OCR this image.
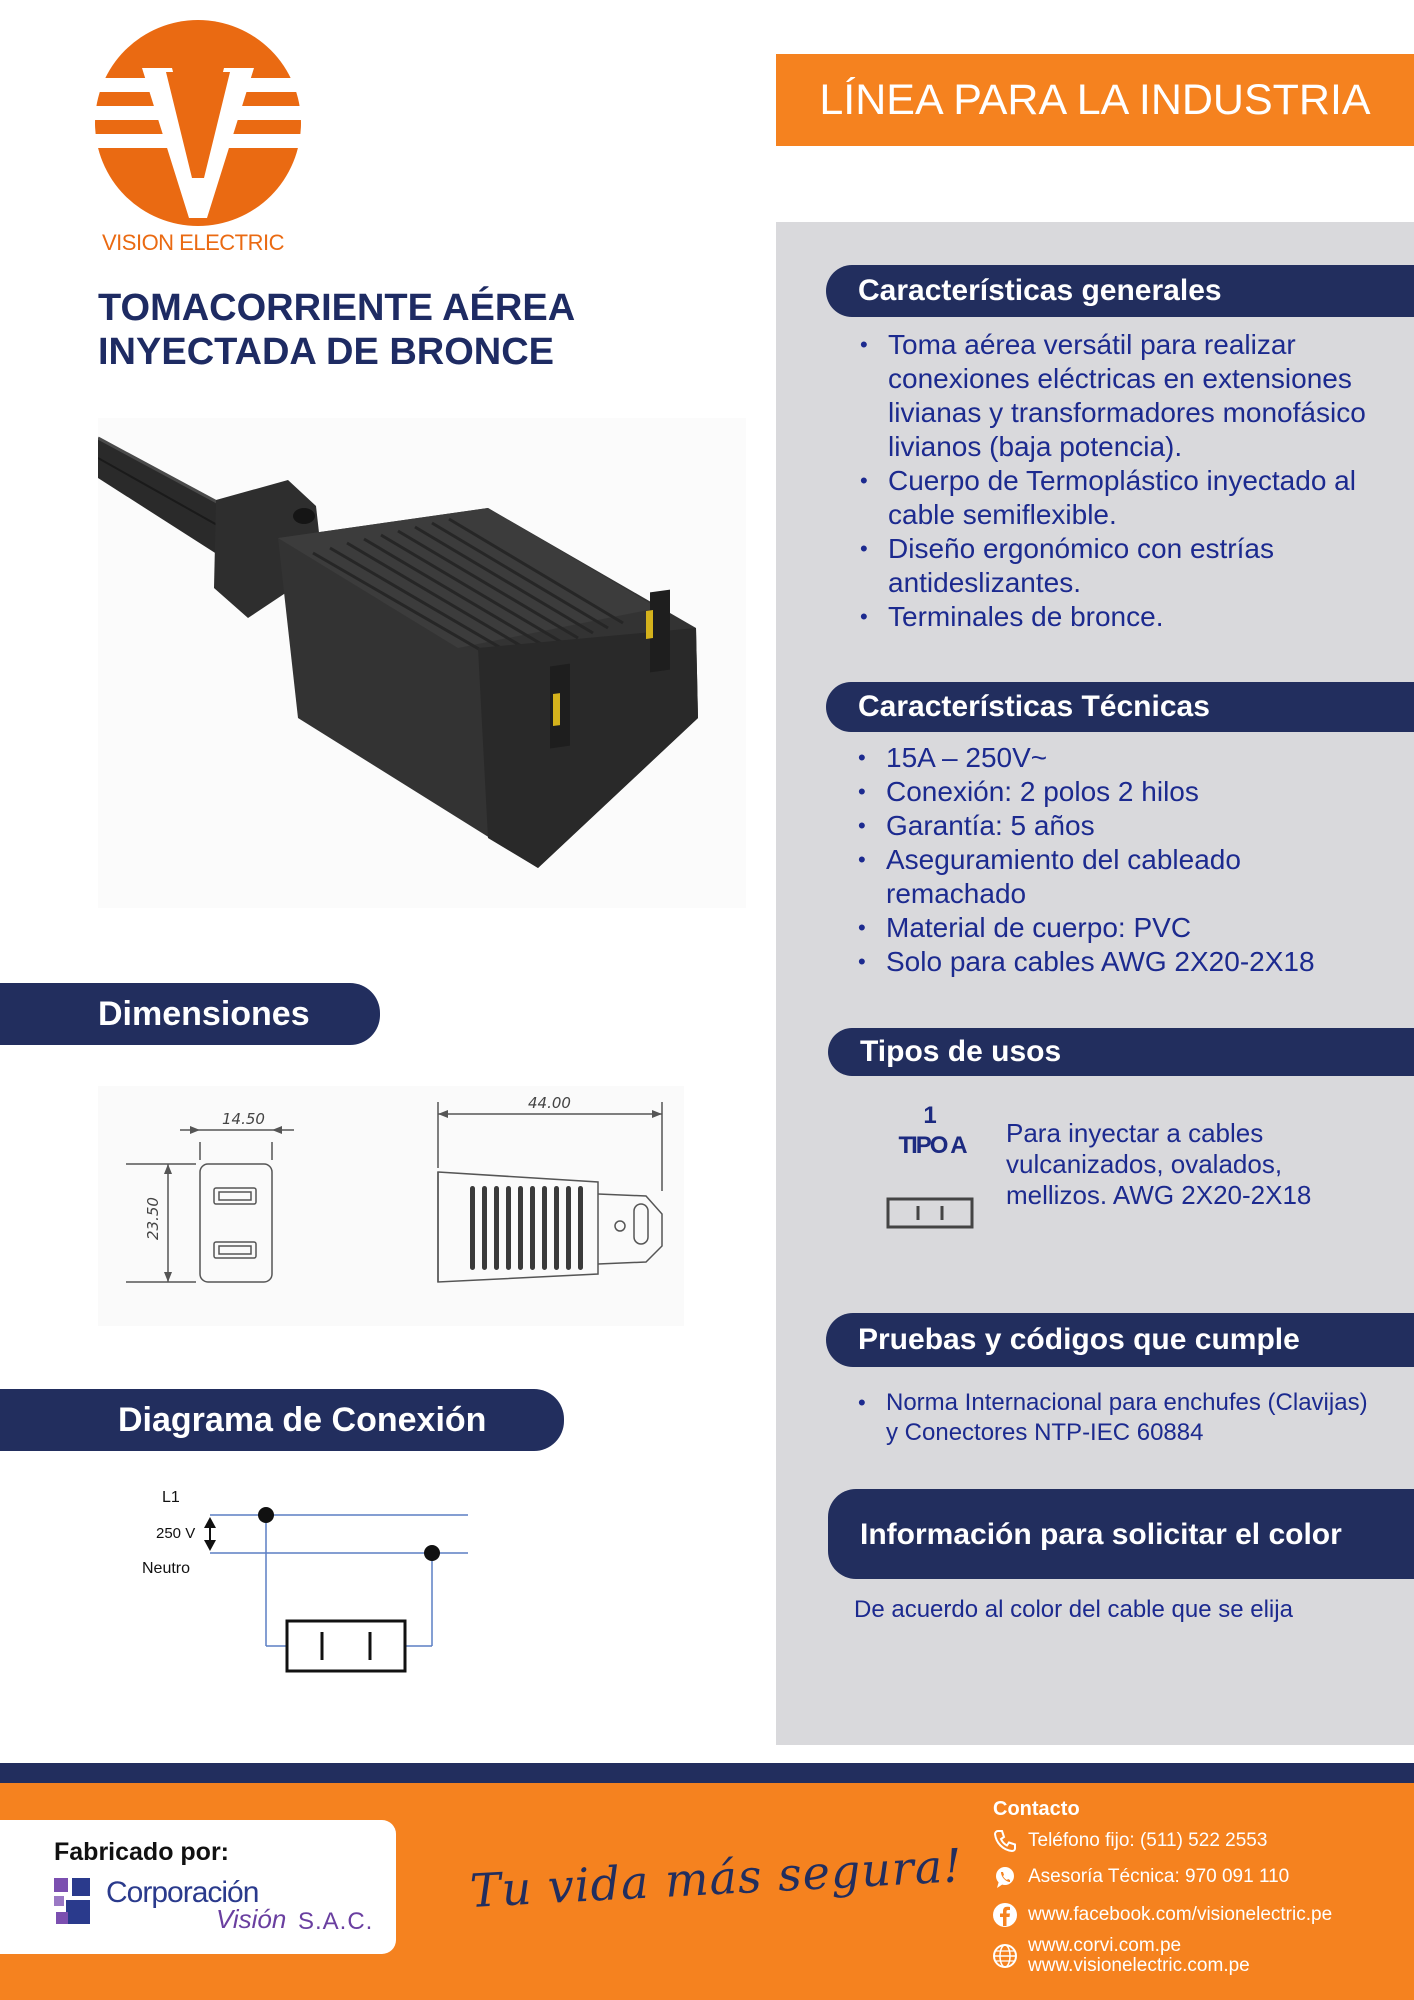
VISION ELECTRIC
LÍNEA PARA LA INDUSTRIA
TOMACORRIENTE AÉREA
INYECTADA DE BRONCE
Dimensiones
14.50
23.50
44.00
Diagrama de Conexión
L1
250 V
Neutro
Características generales
• Toma aérea versátil para realizar conexiones eléctricas en extensiones livianas y transformadores monofásico livianos (baja potencia).
• Cuerpo de Termoplástico inyectado al cable semiflexible.
• Diseño ergonómico con estrías antideslizantes.
• Terminales de bronce.
Características Técnicas
• 15A – 250V~
• Conexión: 2 polos 2 hilos
• Garantía: 5 años
• Aseguramiento del cableado remachado
• Material de cuerpo: PVC
• Solo para cables AWG 2X20-2X18
Tipos de usos
1
TIPO A	Para inyectar a cables vulcanizados, ovalados, mellizos. AWG 2X20-2X18
Pruebas y códigos que cumple
• Norma Internacional para enchufes (Clavijas) y Conectores NTP-IEC 60884
Información para solicitar el color
De acuerdo al color del cable que se elija
Fabricado por:
Corporación
Visión S.A.C.
Tu vida más segura!
Contacto
Teléfono fijo: (511) 522 2553
Asesoría Técnica: 970 091 110
www.facebook.com/visionelectric.pe
www.corvi.com.pe
www.visionelectric.com.pe
